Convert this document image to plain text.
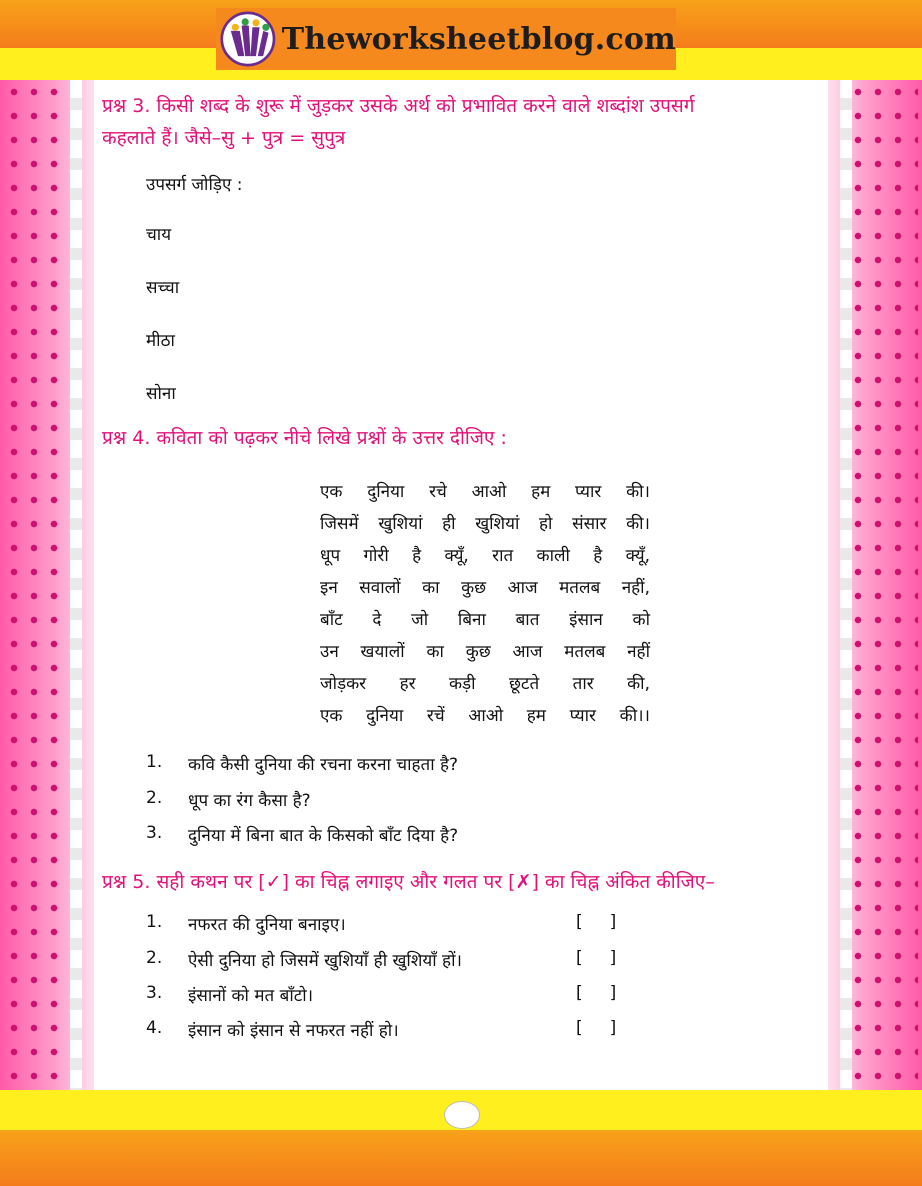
Theworksheetblog.com
प्रश्न 3. किसी शब्द के शुरू में जुड़कर उसके अर्थ को प्रभावित करने वाले शब्दांश उपसर्ग
कहलाते हैं। जैसे–सु + पुत्र = सुपुत्र
उपसर्ग जोड़िए :
चाय
सच्चा
मीठा
सोना
प्रश्न 4. कविता को पढ़कर नीचे लिखे प्रश्नों के उत्तर दीजिए :
एक दुनिया रचे आओ हम प्यार की।
जिसमें खुशियां ही खुशियां हो संसार की।
धूप गोरी है क्यूँ, रात काली है क्यूँ,
इन सवालों का कुछ आज मतलब नहीं,
बाँट दे जो बिना बात इंसान को
उन खयालों का कुछ आज मतलब नहीं
जोड़कर हर कड़ी छूटते तार की,
एक दुनिया रचें आओ हम प्यार की।।
1. कवि कैसी दुनिया की रचना करना चाहता है?
2. धूप का रंग कैसा है?
3. दुनिया में बिना बात के किसको बाँट दिया है?
प्रश्न 5. सही कथन पर [✓] का चिह्न लगाइए और गलत पर [✗] का चिह्न अंकित कीजिए–
1. नफरत की दुनिया बनाइए।	[     ]
2. ऐसी दुनिया हो जिसमें खुशियाँ ही खुशियाँ हों।	[     ]
3. इंसानों को मत बाँटो।	[     ]
4. इंसान को इंसान से नफरत नहीं हो।	[     ]
